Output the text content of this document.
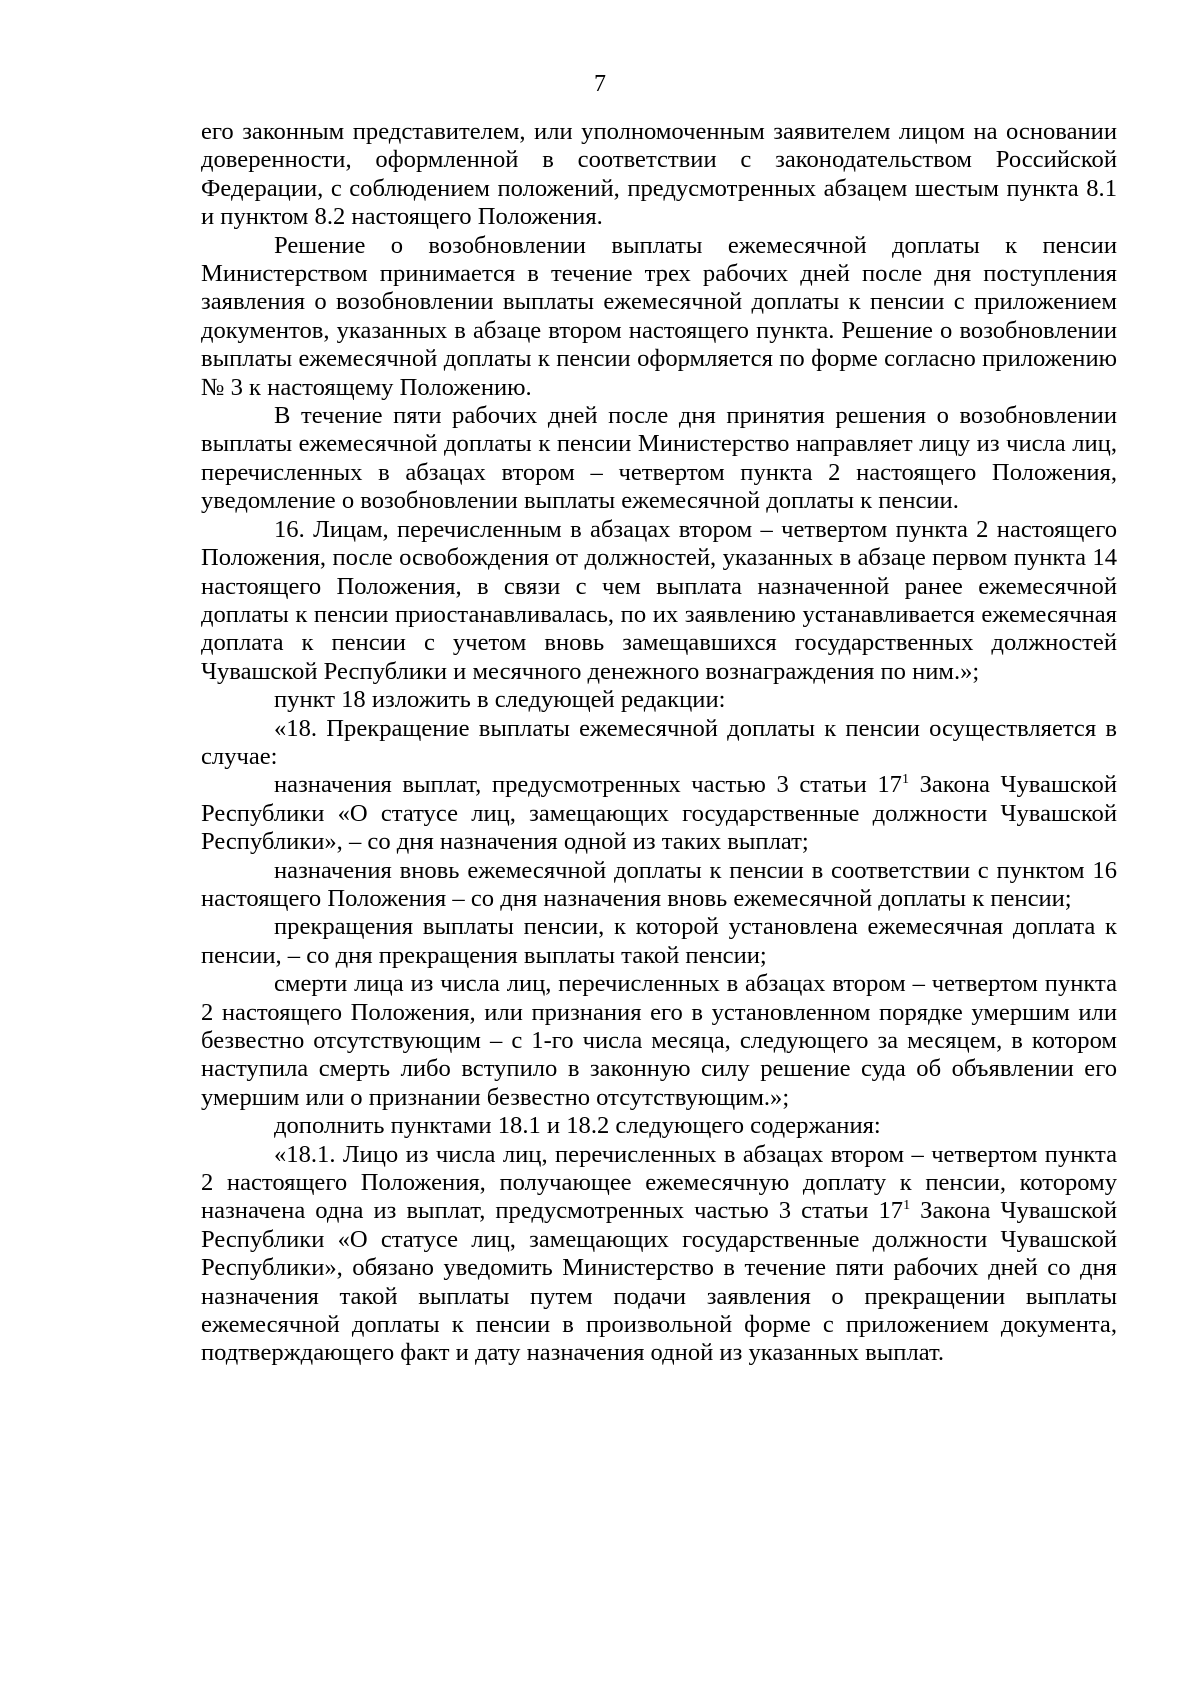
7

его законным представителем, или уполномоченным заявителем лицом на основании доверенности, оформленной в соответствии с законодательством Российской Федерации, с соблюдением положений, предусмотренных абзацем шестым пункта 8.1 и пунктом 8.2 настоящего Положения.

Решение о возобновлении выплаты ежемесячной доплаты к пенсии Министерством принимается в течение трех рабочих дней после дня поступления заявления о возобновлении выплаты ежемесячной доплаты к пенсии с приложением документов, указанных в абзаце втором настоящего пункта. Решение о возобновлении выплаты ежемесячной доплаты к пенсии оформляется по форме согласно приложению № 3 к настоящему Положению.

В течение пяти рабочих дней после дня принятия решения о возобновлении выплаты ежемесячной доплаты к пенсии Министерство направляет лицу из числа лиц, перечисленных в абзацах втором – четвертом пункта 2 настоящего Положения, уведомление о возобновлении выплаты ежемесячной доплаты к пенсии.

16. Лицам, перечисленным в абзацах втором – четвертом пункта 2 настоящего Положения, после освобождения от должностей, указанных в абзаце первом пункта 14 настоящего Положения, в связи с чем выплата назначенной ранее ежемесячной доплаты к пенсии приостанавливалась, по их заявлению устанавливается ежемесячная доплата к пенсии с учетом вновь замещавшихся государственных должностей Чувашской Республики и месячного денежного вознаграждения по ним.»;

пункт 18 изложить в следующей редакции:

«18. Прекращение выплаты ежемесячной доплаты к пенсии осуществляется в случае:

назначения выплат, предусмотренных частью 3 статьи $17^1$ Закона Чувашской Республики «О статусе лиц, замещающих государственные должности Чувашской Республики», – со дня назначения одной из таких выплат;

назначения вновь ежемесячной доплаты к пенсии в соответствии с пунктом 16 настоящего Положения – со дня назначения вновь ежемесячной доплаты к пенсии;

прекращения выплаты пенсии, к которой установлена ежемесячная доплата к пенсии, – со дня прекращения выплаты такой пенсии;

смерти лица из числа лиц, перечисленных в абзацах втором – четвертом пункта 2 настоящего Положения, или признания его в установленном порядке умершим или безвестно отсутствующим – с 1-го числа месяца, следующего за месяцем, в котором наступила смерть либо вступило в законную силу решение суда об объявлении его умершим или о признании безвестно отсутствующим.»;

дополнить пунктами 18.1 и 18.2 следующего содержания:

«18.1. Лицо из числа лиц, перечисленных в абзацах втором – четвертом пункта 2 настоящего Положения, получающее ежемесячную доплату к пенсии, которому назначена одна из выплат, предусмотренных частью 3 статьи $17^1$ Закона Чувашской Республики «О статусе лиц, замещающих государственные должности Чувашской Республики», обязано уведомить Министерство в течение пяти рабочих дней со дня назначения такой выплаты путем подачи заявления о прекращении выплаты ежемесячной доплаты к пенсии в произвольной форме с приложением документа, подтверждающего факт и дату назначения одной из указанных выплат.
